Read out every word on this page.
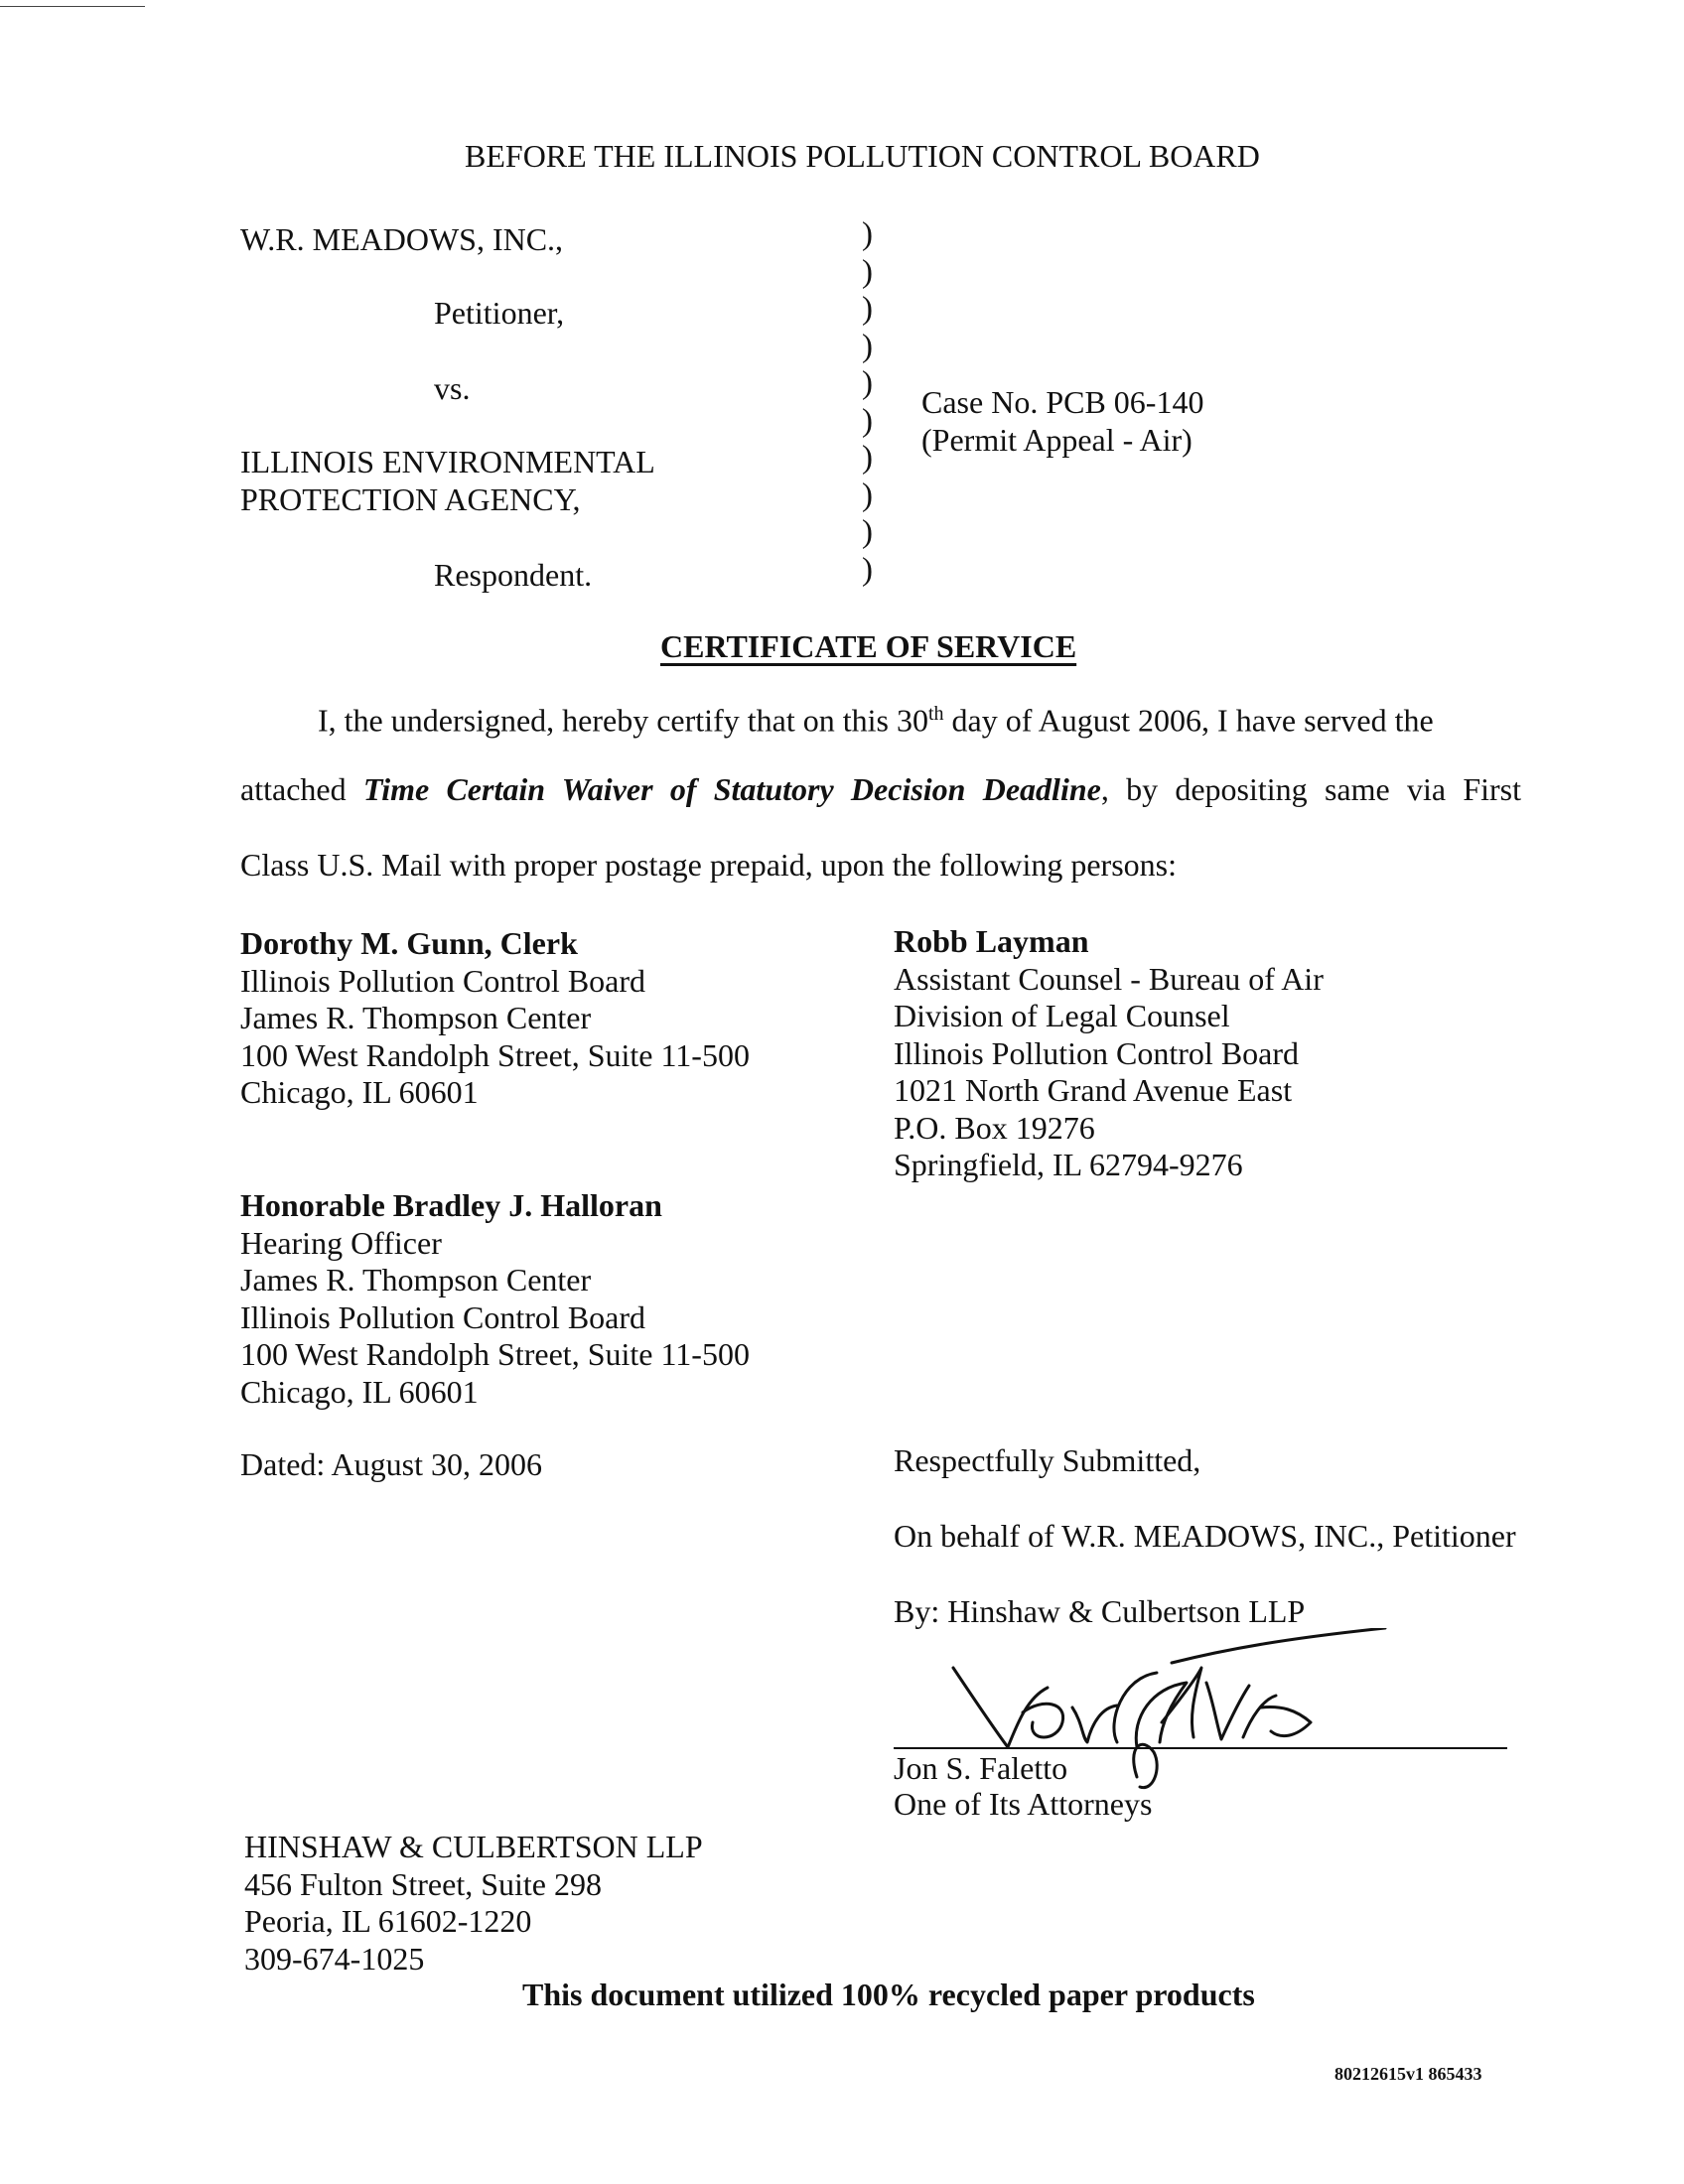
BEFORE THE ILLINOIS POLLUTION CONTROL BOARD
W.R. MEADOWS, INC.,
Petitioner,
vs.
ILLINOIS ENVIRONMENTAL
PROTECTION AGENCY,
Respondent.
)
)
)
)
)
)
)
)
)
)
Case No. PCB 06-140
(Permit Appeal - Air)
CERTIFICATE OF SERVICE
I, the undersigned, hereby certify that on this 30th day of August 2006, I have served the
attached Time Certain Waiver of Statutory Decision Deadline, by depositing same via First
Class U.S. Mail with proper postage prepaid, upon the following persons:
Dorothy M. Gunn, Clerk
Illinois Pollution Control Board
James R. Thompson Center
100 West Randolph Street, Suite 11-500
Chicago, IL 60601
Robb Layman
Assistant Counsel - Bureau of Air
Division of Legal Counsel
Illinois Pollution Control Board
1021 North Grand Avenue East
P.O. Box 19276
Springfield, IL 62794-9276
Honorable Bradley J. Halloran
Hearing Officer
James R. Thompson Center
Illinois Pollution Control Board
100 West Randolph Street, Suite 11-500
Chicago, IL 60601
Dated: August 30, 2006	Respectfully Submitted,
On behalf of W.R. MEADOWS, INC., Petitioner
By: Hinshaw & Culbertson LLP
Jon S. Faletto
One of Its Attorneys
HINSHAW & CULBERTSON LLP
456 Fulton Street, Suite 298
Peoria, IL 61602-1220
309-674-1025
This document utilized 100% recycled paper products
80212615v1 865433
